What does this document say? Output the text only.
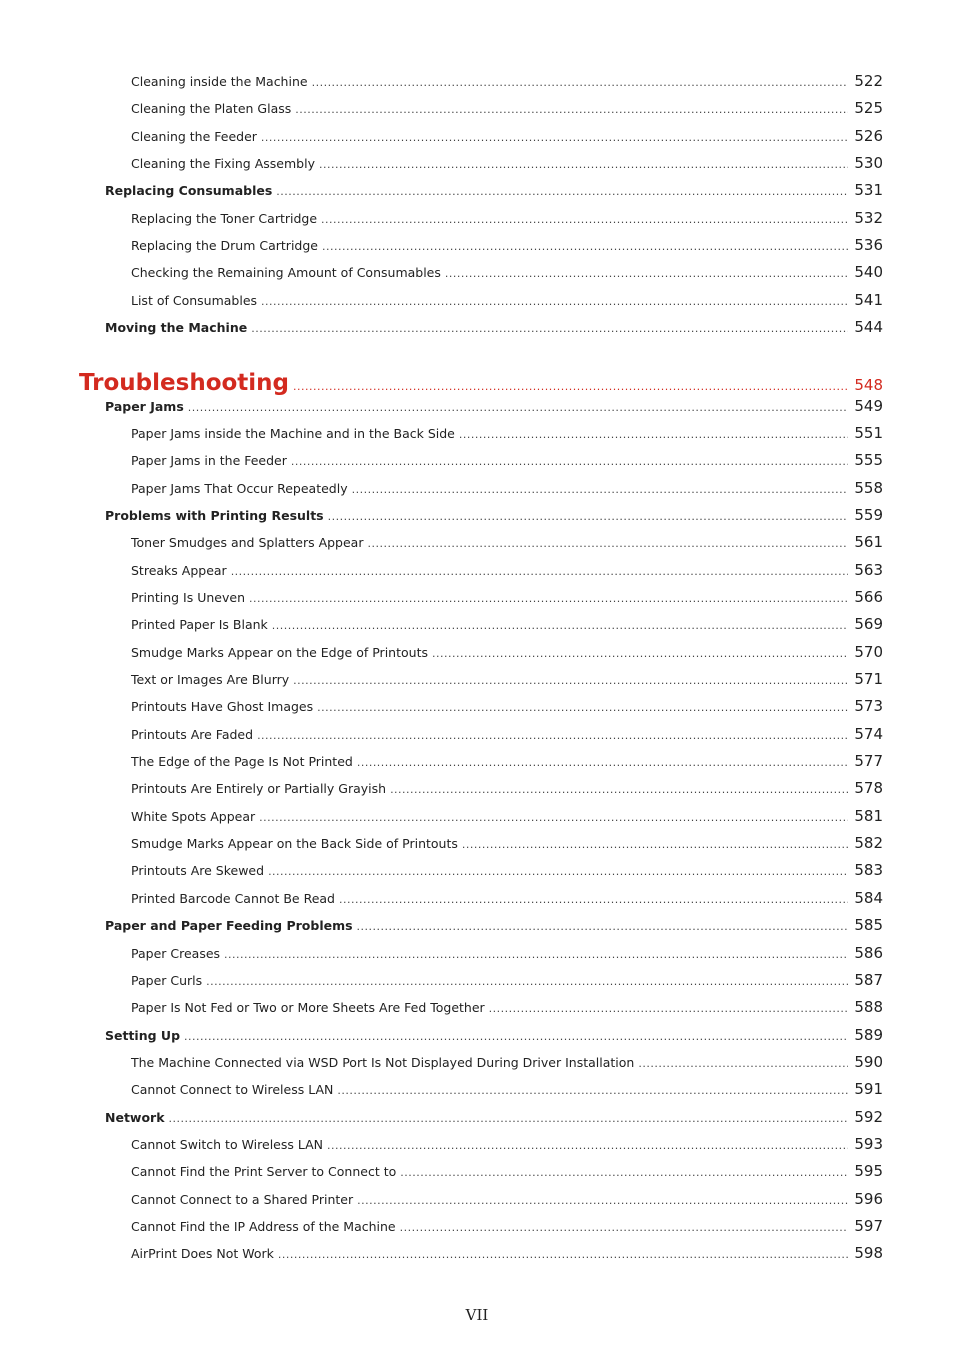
Cleaning inside the Machine .....	522
Cleaning the Platen Glass .....	525
Cleaning the Feeder .....	526
Cleaning the Fixing Assembly .....	530
Replacing Consumables .....	531
Replacing the Toner Cartridge .....	532
Replacing the Drum Cartridge .....	536
Checking the Remaining Amount of Consumables .....	540
List of Consumables .....	541
Moving the Machine .....	544
Troubleshooting .....	548
Paper Jams .....	549
Paper Jams inside the Machine and in the Back Side .....	551
Paper Jams in the Feeder .....	555
Paper Jams That Occur Repeatedly .....	558
Problems with Printing Results .....	559
Toner Smudges and Splatters Appear .....	561
Streaks Appear .....	563
Printing Is Uneven .....	566
Printed Paper Is Blank .....	569
Smudge Marks Appear on the Edge of Printouts .....	570
Text or Images Are Blurry .....	571
Printouts Have Ghost Images .....	573
Printouts Are Faded .....	574
The Edge of the Page Is Not Printed .....	577
Printouts Are Entirely or Partially Grayish .....	578
White Spots Appear .....	581
Smudge Marks Appear on the Back Side of Printouts .....	582
Printouts Are Skewed .....	583
Printed Barcode Cannot Be Read .....	584
Paper and Paper Feeding Problems .....	585
Paper Creases .....	586
Paper Curls .....	587
Paper Is Not Fed or Two or More Sheets Are Fed Together .....	588
Setting Up .....	589
The Machine Connected via WSD Port Is Not Displayed During Driver Installation .....	590
Cannot Connect to Wireless LAN .....	591
Network .....	592
Cannot Switch to Wireless LAN .....	593
Cannot Find the Print Server to Connect to .....	595
Cannot Connect to a Shared Printer .....	596
Cannot Find the IP Address of the Machine .....	597
AirPrint Does Not Work .....	598
VII
